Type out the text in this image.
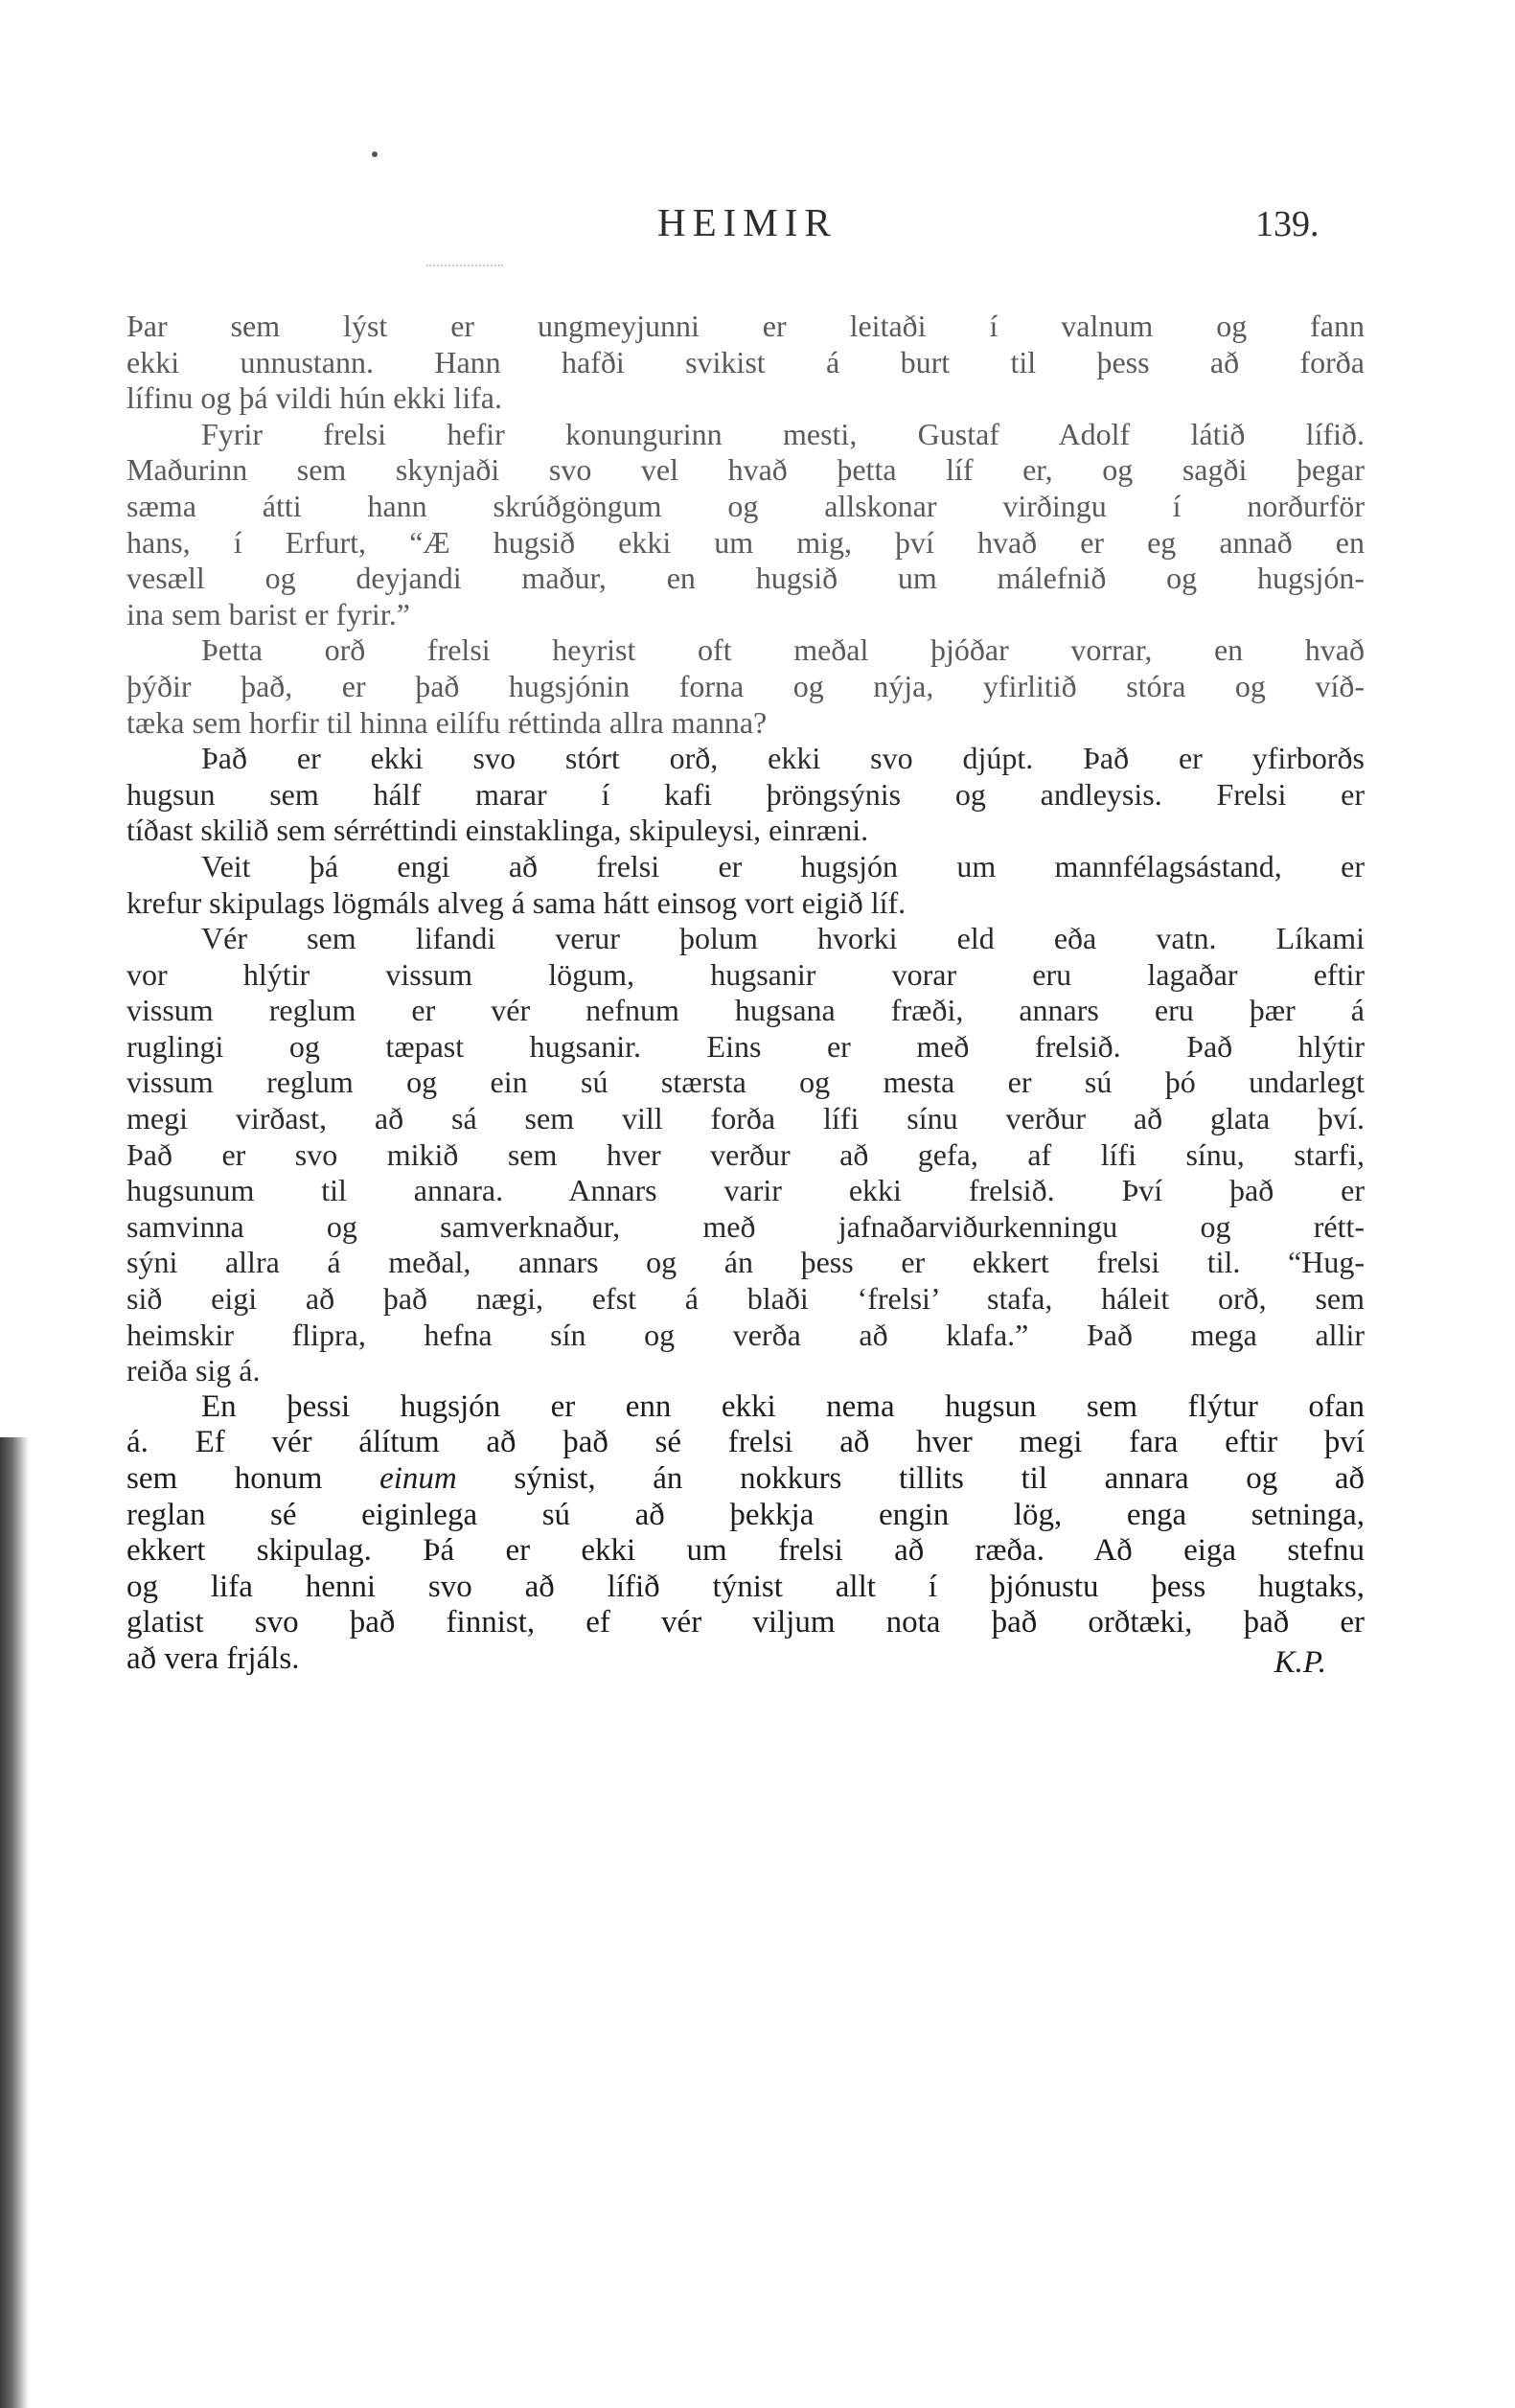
HEIMIR	139.
Þar sem lýst er ungmeyjunni er leitaði í valnum og fann
ekki unnustann. Hann hafði svikist á burt til þess að forða
lífinu og þá vildi hún ekki lifa.
Fyrir frelsi hefir konungurinn mesti, Gustaf Adolf látið lífið.
Maðurinn sem skynjaði svo vel hvað þetta líf er, og sagði þegar
sæma átti hann skrúðgöngum og allskonar virðingu í norðurför
hans, í Erfurt, “Æ hugsið ekki um mig, því hvað er eg annað en
vesæll og deyjandi maður, en hugsið um málefnið og hugsjón-
ina sem barist er fyrir.”
Þetta orð frelsi heyrist oft meðal þjóðar vorrar, en hvað
þýðir það, er það hugsjónin forna og nýja, yfirlitið stóra og víð-
tæka sem horfir til hinna eilífu réttinda allra manna?
Það er ekki svo stórt orð, ekki svo djúpt. Það er yfirborðs
hugsun sem hálf marar í kafi þröngsýnis og andleysis. Frelsi er
tíðast skilið sem sérréttindi einstaklinga, skipuleysi, einræni.
Veit þá engi að frelsi er hugsjón um mannfélagsástand, er
krefur skipulags lögmáls alveg á sama hátt einsog vort eigið líf.
Vér sem lifandi verur þolum hvorki eld eða vatn. Líkami
vor hlýtir vissum lögum, hugsanir vorar eru lagaðar eftir
vissum reglum er vér nefnum hugsana fræði, annars eru þær á
ruglingi og tæpast hugsanir. Eins er með frelsið. Það hlýtir
vissum reglum og ein sú stærsta og mesta er sú þó undarlegt
megi virðast, að sá sem vill forða lífi sínu verður að glata því.
Það er svo mikið sem hver verður að gefa, af lífi sínu, starfi,
hugsunum til annara. Annars varir ekki frelsið. Því það er
samvinna og samverknaður, með jafnaðarviðurkenningu og rétt-
sýni allra á meðal, annars og án þess er ekkert frelsi til. “Hug-
sið eigi að það nægi, efst á blaði ‘frelsi’ stafa, háleit orð, sem
heimskir flipra, hefna sín og verða að klafa.” Það mega allir
reiða sig á.
En þessi hugsjón er enn ekki nema hugsun sem flýtur ofan
á. Ef vér álítum að það sé frelsi að hver megi fara eftir því
sem honum einum sýnist, án nokkurs tillits til annara og að
reglan sé eiginlega sú að þekkja engin lög, enga setninga,
ekkert skipulag. Þá er ekki um frelsi að ræða. Að eiga stefnu
og lifa henni svo að lífið týnist allt í þjónustu þess hugtaks,
glatist svo það finnist, ef vér viljum nota það orðtæki, það er
að vera frjáls.	K.P.
